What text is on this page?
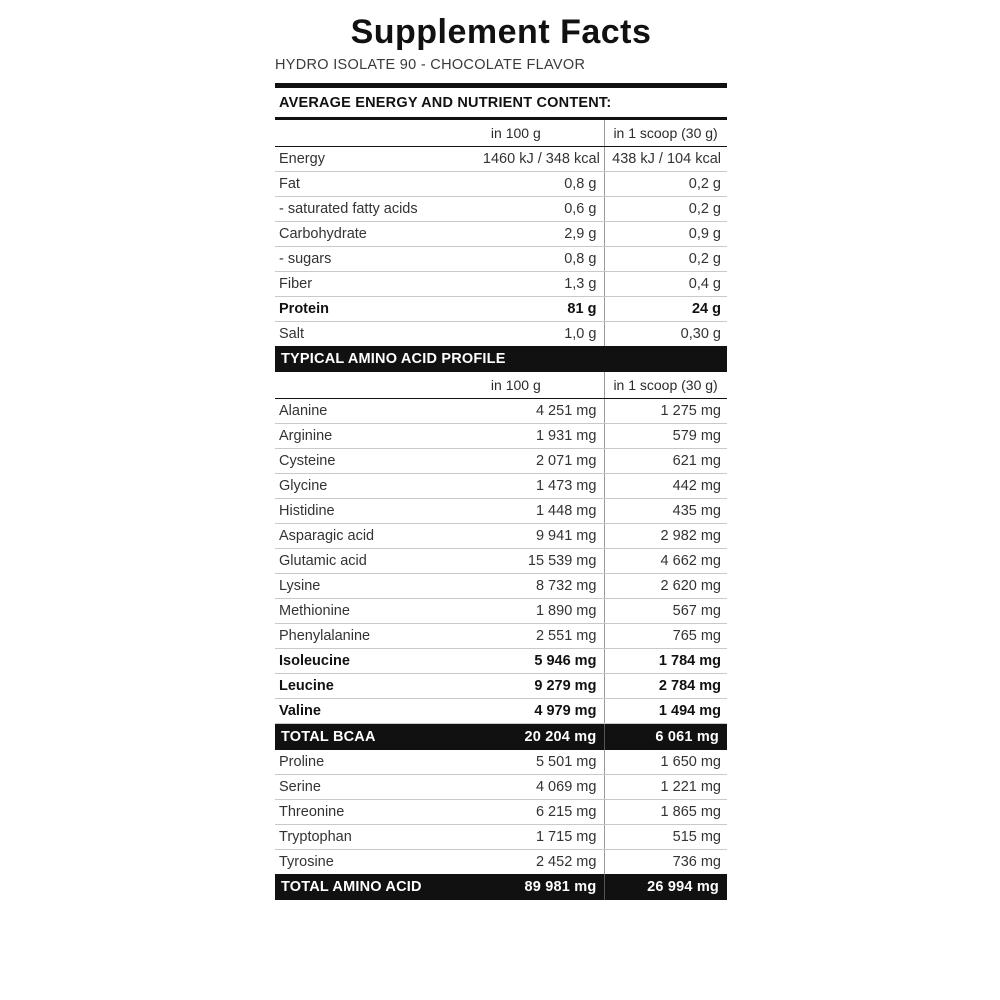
Supplement Facts
HYDRO ISOLATE 90 - CHOCOLATE FLAVOR
AVERAGE ENERGY AND NUTRIENT CONTENT:
	in 100 g	in 1 scoop (30 g)
Energy	1460 kJ / 348 kcal	438 kJ / 104 kcal
Fat	0,8 g	0,2 g
- saturated fatty acids	0,6 g	0,2 g
Carbohydrate	2,9 g	0,9 g
- sugars	0,8 g	0,2 g
Fiber	1,3 g	0,4 g
Protein	81 g	24 g
Salt	1,0 g	0,30 g
TYPICAL AMINO ACID PROFILE
	in 100 g	in 1 scoop (30 g)
Alanine	4 251 mg	1 275 mg
Arginine	1 931 mg	579 mg
Cysteine	2 071 mg	621 mg
Glycine	1 473 mg	442 mg
Histidine	1 448 mg	435 mg
Asparagic acid	9 941 mg	2 982 mg
Glutamic acid	15 539 mg	4 662 mg
Lysine	8 732 mg	2 620 mg
Methionine	1 890 mg	567 mg
Phenylalanine	2 551 mg	765 mg
Isoleucine	5 946 mg	1 784 mg
Leucine	9 279 mg	2 784 mg
Valine	4 979 mg	1 494 mg
TOTAL BCAA	20 204 mg	6 061 mg
Proline	5 501 mg	1 650 mg
Serine	4 069 mg	1 221 mg
Threonine	6 215 mg	1 865 mg
Tryptophan	1 715 mg	515 mg
Tyrosine	2 452 mg	736 mg
TOTAL AMINO ACID	89 981 mg	26 994 mg
